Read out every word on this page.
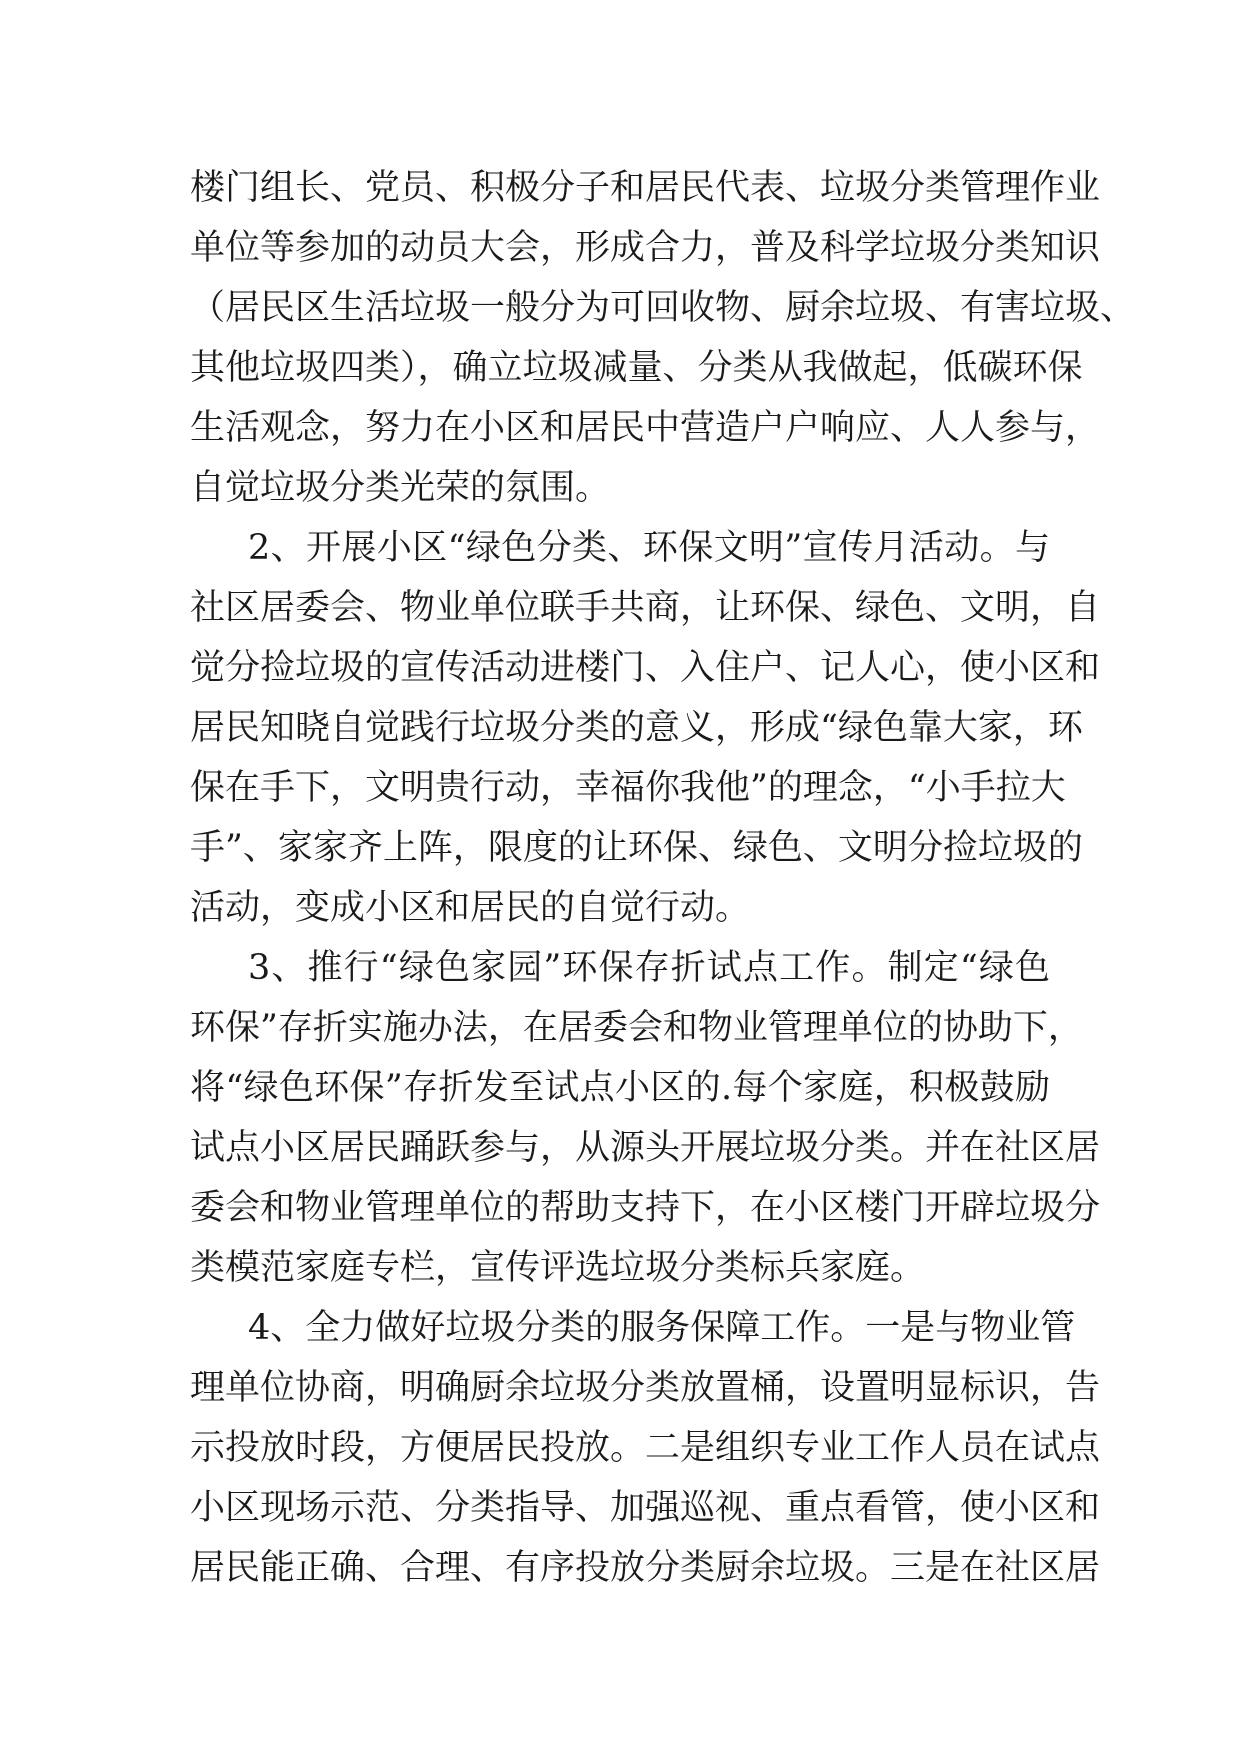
楼门组长、党员、积极分子和居民代表、垃圾分类管理作业
单位等参加的动员大会，形成合力，普及科学垃圾分类知识
（居民区生活垃圾一般分为可回收物、厨余垃圾、有害垃圾、
其他垃圾四类），确立垃圾减量、分类从我做起，低碳环保
生活观念，努力在小区和居民中营造户户响应、人人参与，
自觉垃圾分类光荣的氛围。
2、开展小区“绿色分类、环保文明”宣传月活动。与
社区居委会、物业单位联手共商，让环保、绿色、文明，自
觉分捡垃圾的宣传活动进楼门、入住户、记人心，使小区和
居民知晓自觉践行垃圾分类的意义，形成“绿色靠大家，环
保在手下，文明贵行动，幸福你我他”的理念，“小手拉大
手”、家家齐上阵，限度的让环保、绿色、文明分捡垃圾的
活动，变成小区和居民的自觉行动。
3、推行“绿色家园”环保存折试点工作。制定“绿色
环保”存折实施办法，在居委会和物业管理单位的协助下，
将“绿色环保”存折发至试点小区的.每个家庭，积极鼓励
试点小区居民踊跃参与，从源头开展垃圾分类。并在社区居
委会和物业管理单位的帮助支持下，在小区楼门开辟垃圾分
类模范家庭专栏，宣传评选垃圾分类标兵家庭。
4、全力做好垃圾分类的服务保障工作。一是与物业管
理单位协商，明确厨余垃圾分类放置桶，设置明显标识，告
示投放时段，方便居民投放。二是组织专业工作人员在试点
小区现场示范、分类指导、加强巡视、重点看管，使小区和
居民能正确、合理、有序投放分类厨余垃圾。三是在社区居
